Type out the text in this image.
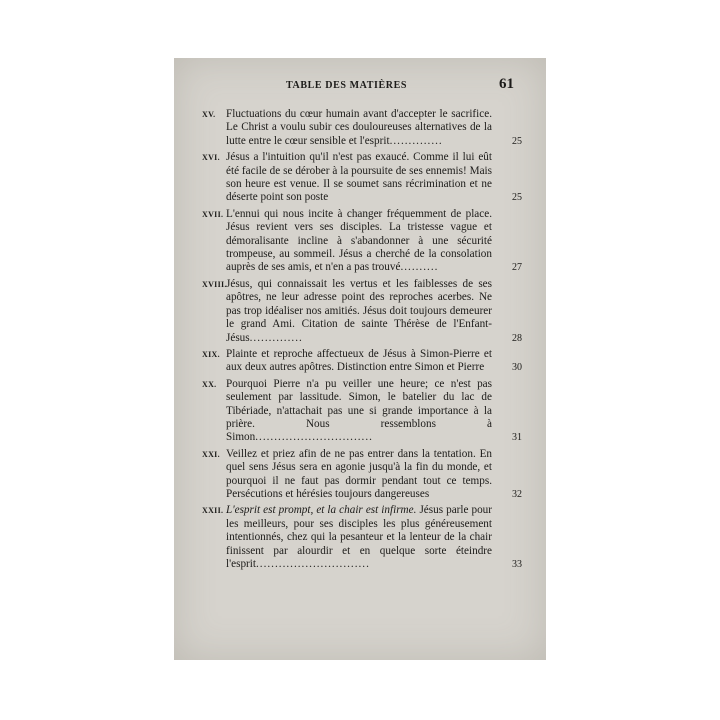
TABLE DES MATIÈRES	61
XV. Fluctuations du cœur humain avant d'accepter le sacrifice. Le Christ a voulu subir ces douloureuses alternatives de la lutte entre le cœur sensible et l'esprit..............	25
XVI. Jésus a l'intuition qu'il n'est pas exaucé. Comme il lui eût été facile de se dérober à la poursuite de ses ennemis! Mais son heure est venue. Il se soumet sans récrimination et ne déserte point son poste	25
XVII. L'ennui qui nous incite à changer fréquemment de place. Jésus revient vers ses disciples. La tristesse vague et démoralisante incline à s'abandonner à une sécurité trompeuse, au sommeil. Jésus a cherché de la consolation auprès de ses amis, et n'en a pas trouvé..........	27
XVIII. Jésus, qui connaissait les vertus et les faiblesses de ses apôtres, ne leur adresse point des reproches acerbes. Ne pas trop idéaliser nos amitiés. Jésus doit toujours demeurer le grand Ami. Citation de sainte Thérèse de l'Enfant-Jésus..............	28
XIX. Plainte et reproche affectueux de Jésus à Simon-Pierre et aux deux autres apôtres. Distinction entre Simon et Pierre	30
XX. Pourquoi Pierre n'a pu veiller une heure; ce n'est pas seulement par lassitude. Simon, le batelier du lac de Tibériade, n'attachait pas une si grande importance à la prière. Nous ressemblons à Simon...............................	31
XXI. Veillez et priez afin de ne pas entrer dans la tentation. En quel sens Jésus sera en agonie jusqu'à la fin du monde, et pourquoi il ne faut pas dormir pendant tout ce temps. Persécutions et hérésies toujours dangereuses	32
XXII. L'esprit est prompt, et la chair est infirme. Jésus parle pour les meilleurs, pour ses disciples les plus généreusement intentionnés, chez qui la pesanteur et la lenteur de la chair finissent par alourdir et en quelque sorte éteindre l'esprit..............................	33
